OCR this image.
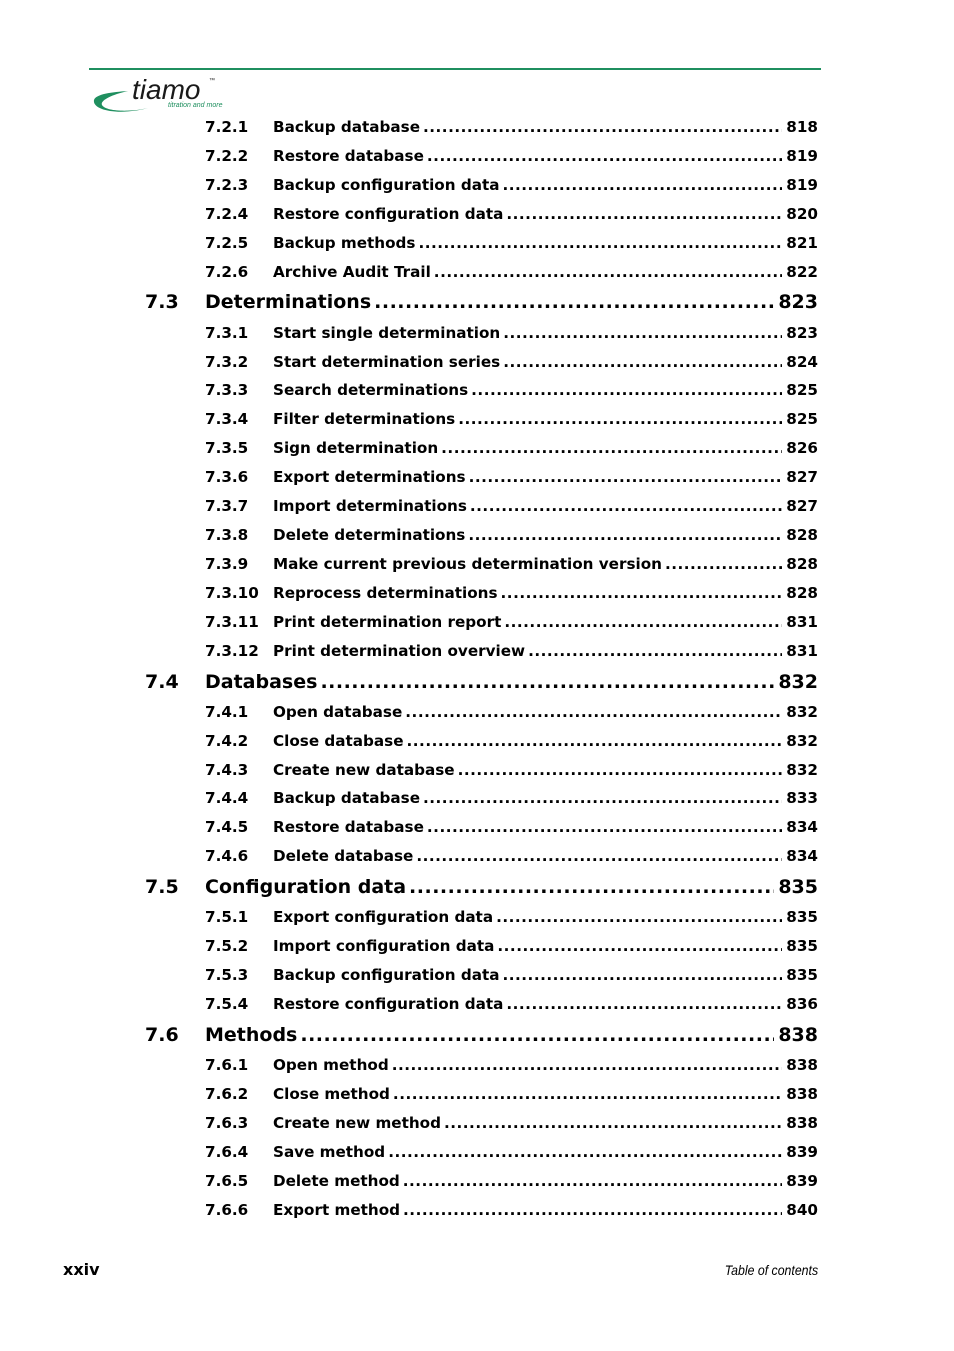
tiamo ™
titration and more
7.2.1 Backup database .....	818
7.2.2 Restore database .....	819
7.2.3 Backup configuration data .....	819
7.2.4 Restore configuration data .....	820
7.2.5 Backup methods .....	821
7.2.6 Archive Audit Trail .....	822
7.3 Determinations .....	823
7.3.1 Start single determination .....	823
7.3.2 Start determination series .....	824
7.3.3 Search determinations .....	825
7.3.4 Filter determinations .....	825
7.3.5 Sign determination .....	826
7.3.6 Export determinations .....	827
7.3.7 Import determinations .....	827
7.3.8 Delete determinations .....	828
7.3.9 Make current previous determination version .....	828
7.3.10 Reprocess determinations .....	828
7.3.11 Print determination report .....	831
7.3.12 Print determination overview .....	831
7.4 Databases .....	832
7.4.1 Open database .....	832
7.4.2 Close database .....	832
7.4.3 Create new database .....	832
7.4.4 Backup database .....	833
7.4.5 Restore database .....	834
7.4.6 Delete database .....	834
7.5 Configuration data .....	835
7.5.1 Export configuration data .....	835
7.5.2 Import configuration data .....	835
7.5.3 Backup configuration data .....	835
7.5.4 Restore configuration data .....	836
7.6 Methods .....	838
7.6.1 Open method .....	838
7.6.2 Close method .....	838
7.6.3 Create new method .....	838
7.6.4 Save method .....	839
7.6.5 Delete method .....	839
7.6.6 Export method .....	840
xxiv	Table of contents
